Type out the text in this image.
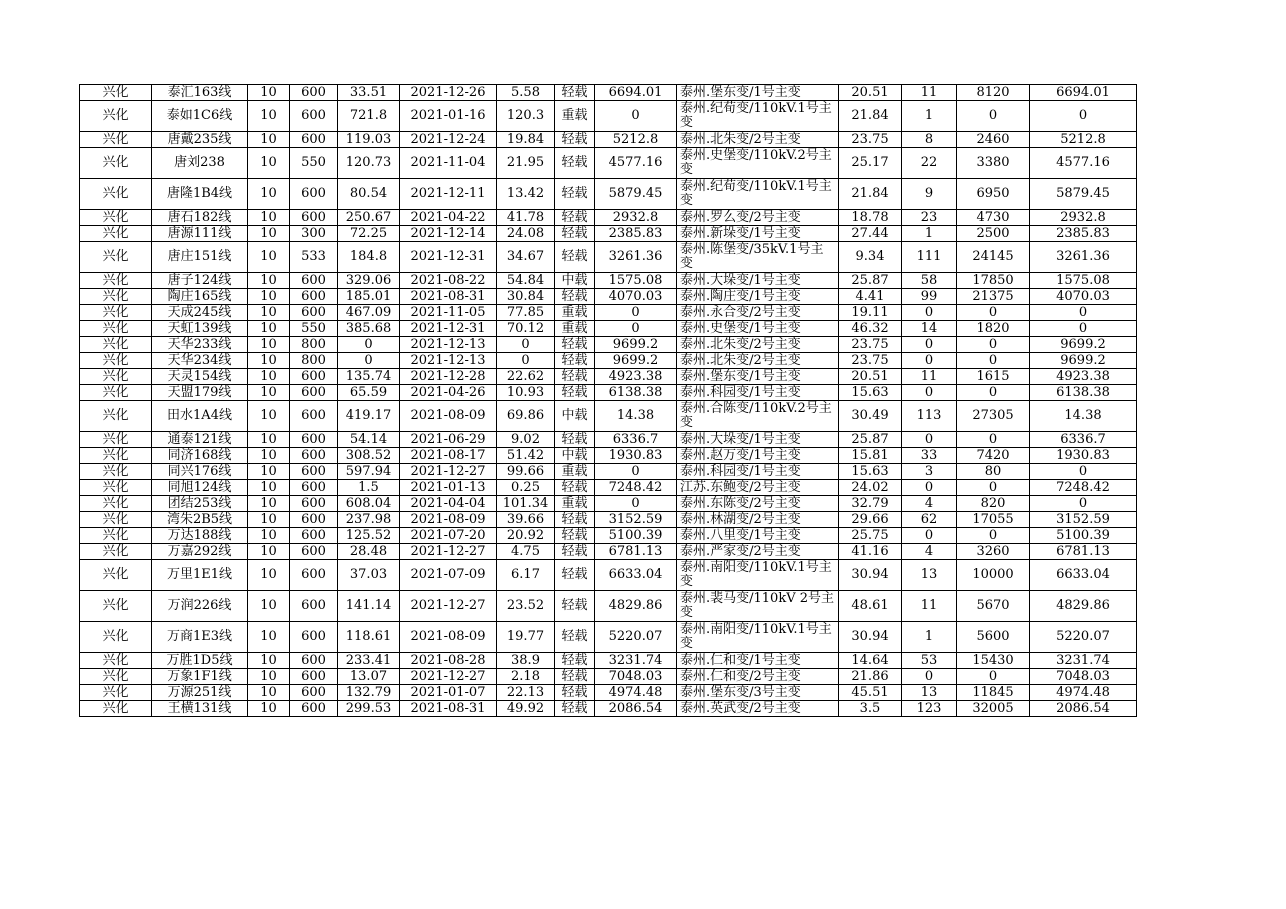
兴化	泰汇163线	10	600	33.51	2021-12-26	5.58	轻载	6694.01	泰州.堡东变/1号主变	20.51	11	8120	6694.01
兴化	泰如1C6线	10	600	721.8	2021-01-16	120.3	重载	0	泰州.纪荀变/110kV.1号主变	21.84	1	0	0
兴化	唐戴235线	10	600	119.03	2021-12-24	19.84	轻载	5212.8	泰州.北朱变/2号主变	23.75	8	2460	5212.8
兴化	唐刘238	10	550	120.73	2021-11-04	21.95	轻载	4577.16	泰州.史堡变/110kV.2号主变	25.17	22	3380	4577.16
兴化	唐隆1B4线	10	600	80.54	2021-12-11	13.42	轻载	5879.45	泰州.纪荀变/110kV.1号主变	21.84	9	6950	5879.45
兴化	唐石182线	10	600	250.67	2021-04-22	41.78	轻载	2932.8	泰州.罗么变/2号主变	18.78	23	4730	2932.8
兴化	唐源111线	10	300	72.25	2021-12-14	24.08	轻载	2385.83	泰州.新垛变/1号主变	27.44	1	2500	2385.83
兴化	唐庄151线	10	533	184.8	2021-12-31	34.67	轻载	3261.36	泰州.陈堡变/35kV.1号主变	9.34	111	24145	3261.36
兴化	唐子124线	10	600	329.06	2021-08-22	54.84	中载	1575.08	泰州.大垛变/1号主变	25.87	58	17850	1575.08
兴化	陶庄165线	10	600	185.01	2021-08-31	30.84	轻载	4070.03	泰州.陶庄变/1号主变	4.41	99	21375	4070.03
兴化	天成245线	10	600	467.09	2021-11-05	77.85	重载	0	泰州.永合变/2号主变	19.11	0	0	0
兴化	天虹139线	10	550	385.68	2021-12-31	70.12	重载	0	泰州.史堡变/1号主变	46.32	14	1820	0
兴化	天华233线	10	800	0	2021-12-13	0	轻载	9699.2	泰州.北朱变/2号主变	23.75	0	0	9699.2
兴化	天华234线	10	800	0	2021-12-13	0	轻载	9699.2	泰州.北朱变/2号主变	23.75	0	0	9699.2
兴化	天灵154线	10	600	135.74	2021-12-28	22.62	轻载	4923.38	泰州.堡东变/1号主变	20.51	11	1615	4923.38
兴化	天盟179线	10	600	65.59	2021-04-26	10.93	轻载	6138.38	泰州.科园变/1号主变	15.63	0	0	6138.38
兴化	田水1A4线	10	600	419.17	2021-08-09	69.86	中载	14.38	泰州.合陈变/110kV.2号主变	30.49	113	27305	14.38
兴化	通泰121线	10	600	54.14	2021-06-29	9.02	轻载	6336.7	泰州.大垛变/1号主变	25.87	0	0	6336.7
兴化	同济168线	10	600	308.52	2021-08-17	51.42	中载	1930.83	泰州.赵万变/1号主变	15.81	33	7420	1930.83
兴化	同兴176线	10	600	597.94	2021-12-27	99.66	重载	0	泰州.科园变/1号主变	15.63	3	80	0
兴化	同旭124线	10	600	1.5	2021-01-13	0.25	轻载	7248.42	江苏.东鲍变/2号主变	24.02	0	0	7248.42
兴化	团结253线	10	600	608.04	2021-04-04	101.34	重载	0	泰州.东陈变/2号主变	32.79	4	820	0
兴化	湾朱2B5线	10	600	237.98	2021-08-09	39.66	轻载	3152.59	泰州.林湖变/2号主变	29.66	62	17055	3152.59
兴化	万达188线	10	600	125.52	2021-07-20	20.92	轻载	5100.39	泰州.八里变/1号主变	25.75	0	0	5100.39
兴化	万嘉292线	10	600	28.48	2021-12-27	4.75	轻载	6781.13	泰州.严家变/2号主变	41.16	4	3260	6781.13
兴化	万里1E1线	10	600	37.03	2021-07-09	6.17	轻载	6633.04	泰州.南阳变/110kV.1号主变	30.94	13	10000	6633.04
兴化	万润226线	10	600	141.14	2021-12-27	23.52	轻载	4829.86	泰州.裴马变/110kV 2号主变	48.61	11	5670	4829.86
兴化	万商1E3线	10	600	118.61	2021-08-09	19.77	轻载	5220.07	泰州.南阳变/110kV.1号主变	30.94	1	5600	5220.07
兴化	万胜1D5线	10	600	233.41	2021-08-28	38.9	轻载	3231.74	泰州.仁和变/1号主变	14.64	53	15430	3231.74
兴化	万象1F1线	10	600	13.07	2021-12-27	2.18	轻载	7048.03	泰州.仁和变/2号主变	21.86	0	0	7048.03
兴化	万源251线	10	600	132.79	2021-01-07	22.13	轻载	4974.48	泰州.堡东变/3号主变	45.51	13	11845	4974.48
兴化	王横131线	10	600	299.53	2021-08-31	49.92	轻载	2086.54	泰州.英武变/2号主变	3.5	123	32005	2086.54
